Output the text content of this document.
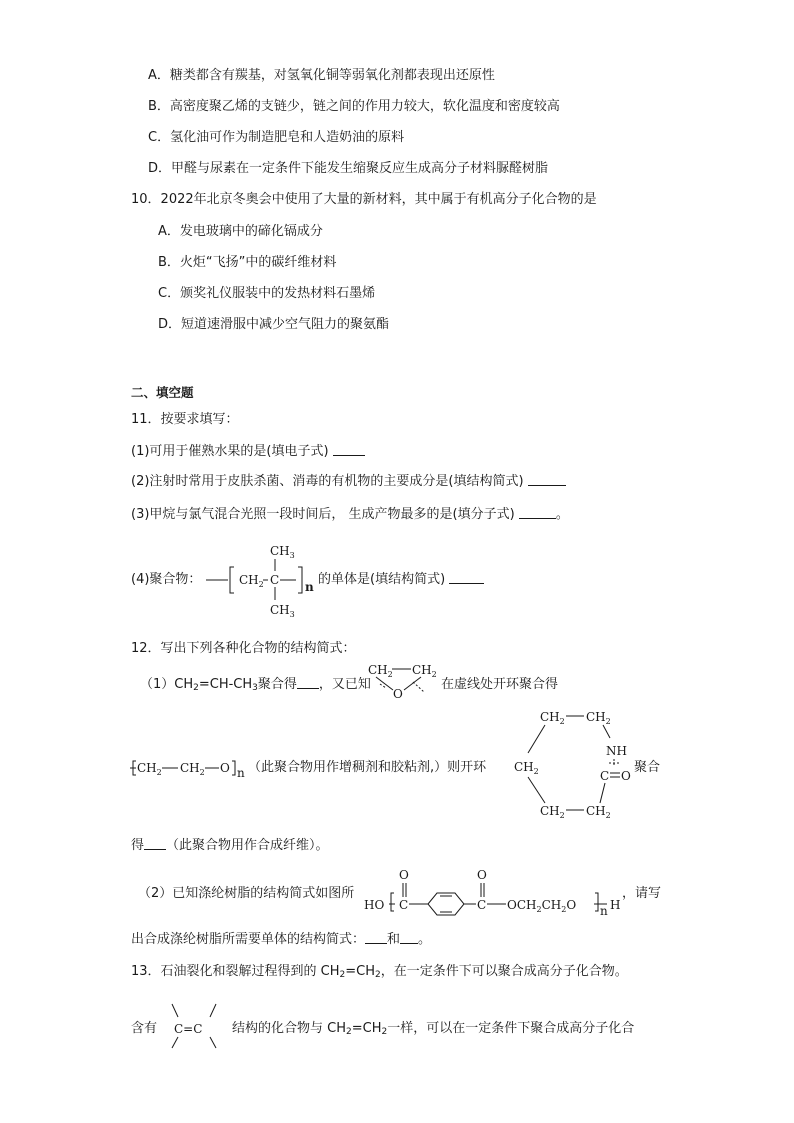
A．糖类都含有羰基，对氢氧化铜等弱氧化剂都表现出还原性
B．高密度聚乙烯的支链少，链之间的作用力较大，软化温度和密度较高
C．氢化油可作为制造肥皂和人造奶油的原料
D．甲醛与尿素在一定条件下能发生缩聚反应生成高分子材料脲醛树脂
10．2022年北京冬奥会中使用了大量的新材料，其中属于有机高分子化合物的是
A．发电玻璃中的碲化镉成分
B．火炬“飞扬”中的碳纤维材料
C．颁奖礼仪服装中的发热材料石墨烯
D．短道速滑服中减少空气阻力的聚氨酯
二、填空题
11．按要求填写：
(1)可用于催熟水果的是(填电子式)
(2)注射时常用于皮肤杀菌、消毒的有机物的主要成分是(填结构简式)
(3)甲烷与氯气混合光照一段时间后， 生成产物最多的是(填分子式)	。
(4)聚合物：	$CH_2$ C
$CH_3$
$CH_3$
n 的单体是(填结构简式)
12．写出下列各种化合物的结构简式：
$(1)CH_2=CH-CH_3$聚合得 ，又已知
$CH_2$ $CH_2$
O
在虚线处开环聚合得
$CH_2$ $CH_2$ O n （此聚合物用作增稠剂和胶粘剂,）则开环
$CH_2$ $CH_2$
NH
$CH_2$	C O
$CH_2$ $CH_2$
聚合
得 （此聚合物用作合成纤维）。
（2）已知涤纶树脂的结构简式如图所
HO C
O
C
O
$OCH_2CH_2O$ n H
，请写
出合成涤纶树脂所需要单体的结构简式： 和 。
13．石油裂化和裂解过程得到的 $CH_2=CH_2$，在一定条件下可以聚合成高分子化合物。
含有 C=C 结构的化合物与 $CH_2=CH_2$一样，可以在一定条件下聚合成高分子化合
